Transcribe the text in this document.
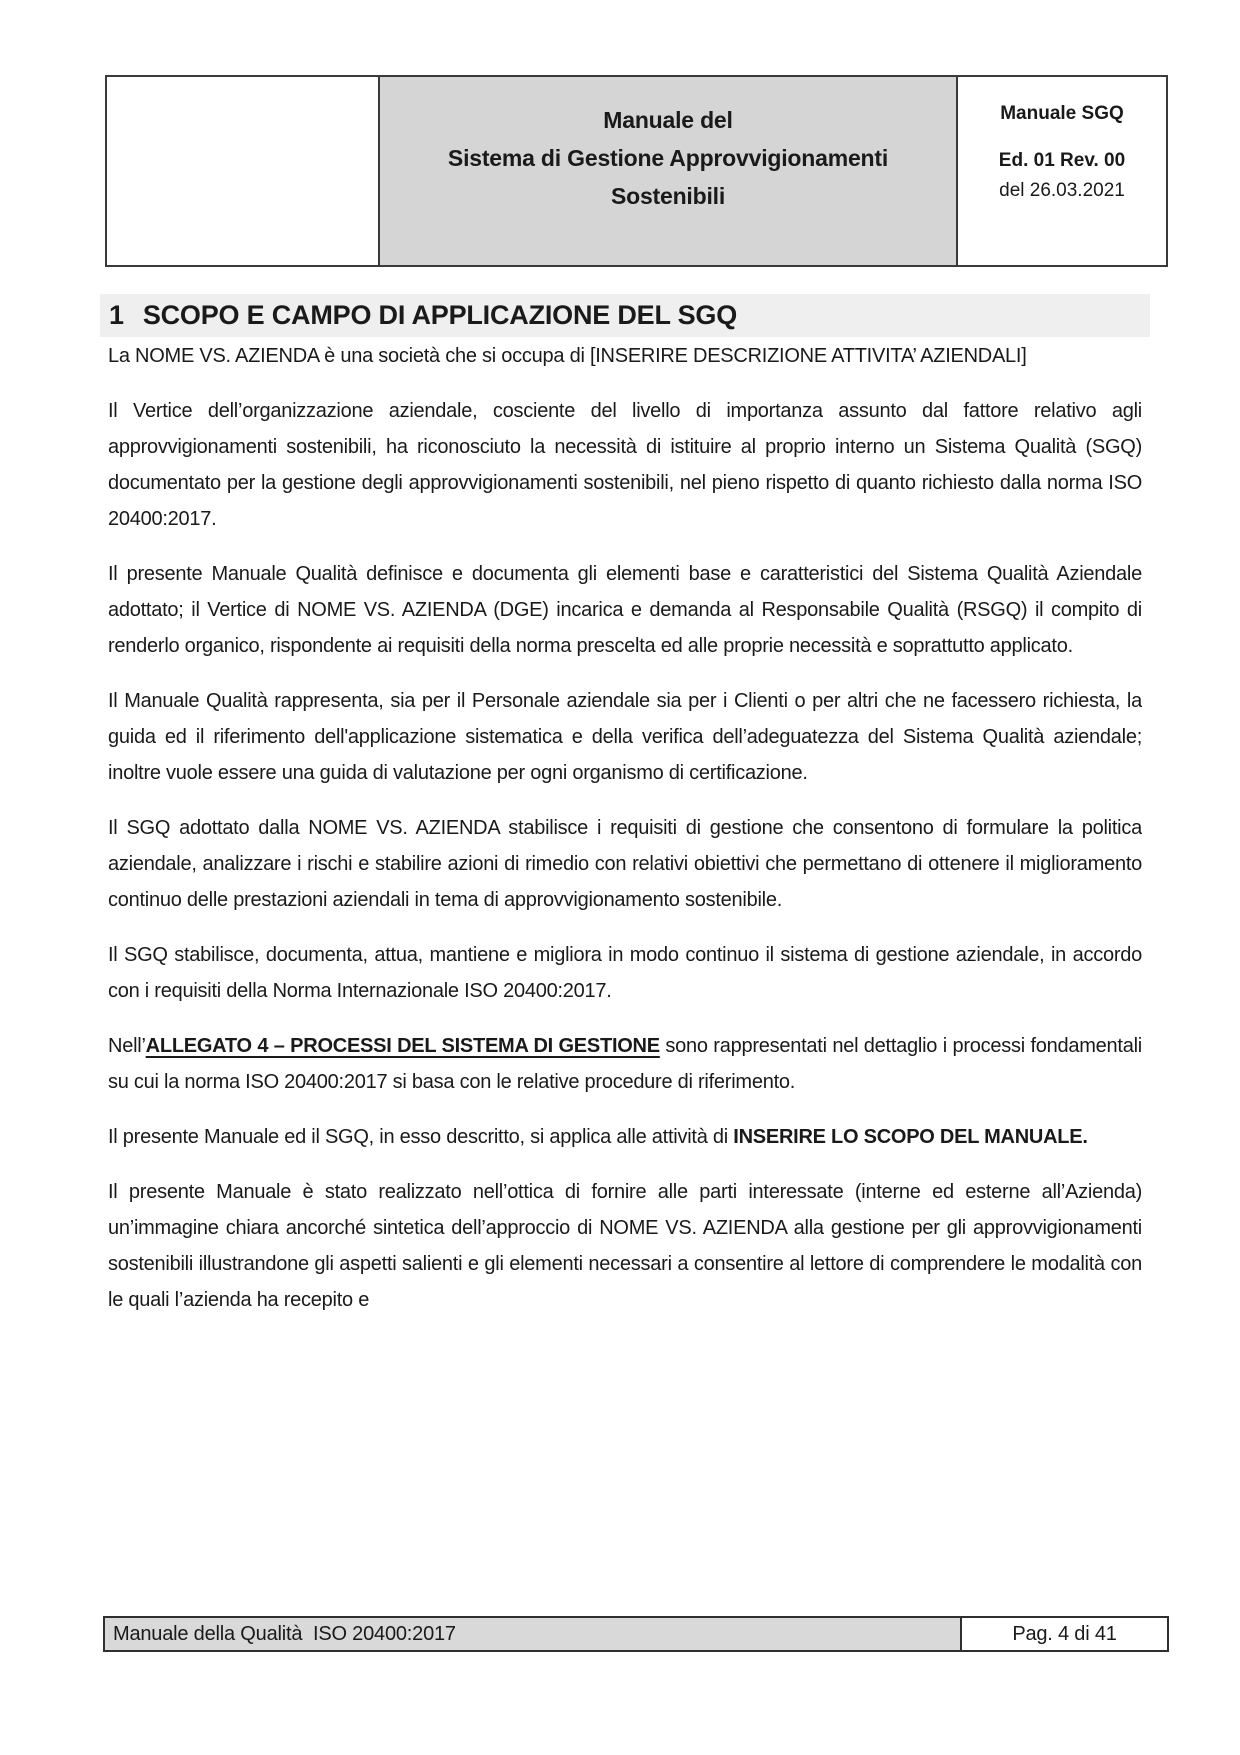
Manuale del
Sistema di Gestione Approvvigionamenti
Sostenibili
Manuale SGQ
Ed. 01 Rev. 00
del 26.03.2021
1 SCOPO E CAMPO DI APPLICAZIONE DEL SGQ

La NOME VS. AZIENDA è una società che si occupa di [INSERIRE DESCRIZIONE ATTIVITA’ AZIENDALI]

Il Vertice dell’organizzazione aziendale, cosciente del livello di importanza assunto dal fattore relativo agli approvvigionamenti sostenibili, ha riconosciuto la necessità di istituire al proprio interno un Sistema Qualità (SGQ) documentato per la gestione degli approvvigionamenti sostenibili, nel pieno rispetto di quanto richiesto dalla norma ISO 20400:2017.

Il presente Manuale Qualità definisce e documenta gli elementi base e caratteristici del Sistema Qualità Aziendale adottato; il Vertice di NOME VS. AZIENDA (DGE) incarica e demanda al Responsabile Qualità (RSGQ) il compito di renderlo organico, rispondente ai requisiti della norma prescelta ed alle proprie necessità e soprattutto applicato.

Il Manuale Qualità rappresenta, sia per il Personale aziendale sia per i Clienti o per altri che ne facessero richiesta, la guida ed il riferimento dell'applicazione sistematica e della verifica dell’adeguatezza del Sistema Qualità aziendale; inoltre vuole essere una guida di valutazione per ogni organismo di certificazione.

Il SGQ adottato dalla NOME VS. AZIENDA stabilisce i requisiti di gestione che consentono di formulare la politica aziendale, analizzare i rischi e stabilire azioni di rimedio con relativi obiettivi che permettano di ottenere il miglioramento continuo delle prestazioni aziendali in tema di approvvigionamento sostenibile.

Il SGQ stabilisce, documenta, attua, mantiene e migliora in modo continuo il sistema di gestione aziendale, in accordo con i requisiti della Norma Internazionale ISO 20400:2017.

Nell’ALLEGATO 4 – PROCESSI DEL SISTEMA DI GESTIONE sono rappresentati nel dettaglio i processi fondamentali su cui la norma ISO 20400:2017 si basa con le relative procedure di riferimento.

Il presente Manuale ed il SGQ, in esso descritto, si applica alle attività di INSERIRE LO SCOPO DEL MANUALE.

Il presente Manuale è stato realizzato nell’ottica di fornire alle parti interessate (interne ed esterne all’Azienda) un’immagine chiara ancorché sintetica dell’approccio di NOME VS. AZIENDA alla gestione per gli approvvigionamenti sostenibili illustrandone gli aspetti salienti e gli elementi necessari a consentire al lettore di comprendere le modalità con le quali l’azienda ha recepito e

Manuale della Qualità  ISO 20400:2017	Pag. 4 di 41
